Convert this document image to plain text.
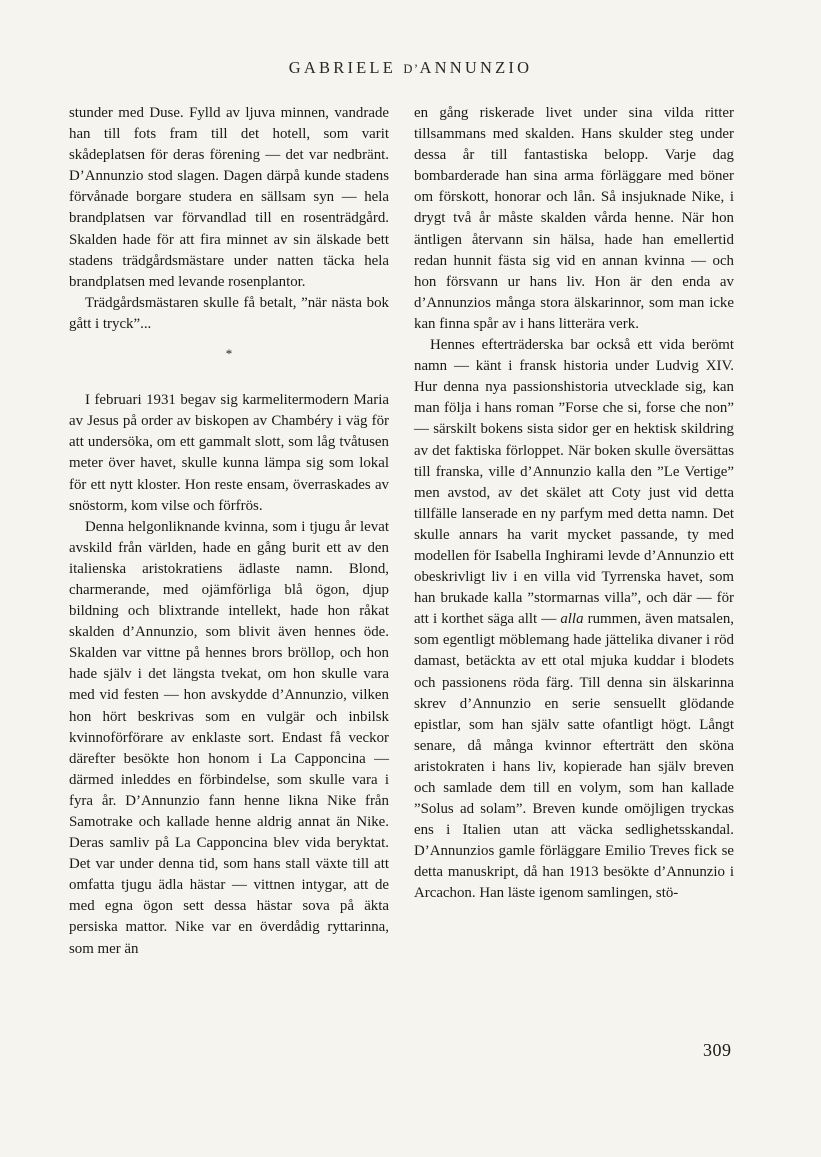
GABRIELE D’ANNUNZIO

stunder med Duse. Fylld av ljuva minnen, vandrade han till fots fram till det hotell, som varit skådeplatsen för deras förening — det var nedbränt. D’Annunzio stod slagen. Dagen därpå kunde stadens förvånade borgare studera en sällsam syn — hela brandplatsen var förvandlad till en rosenträdgård. Skalden hade för att fira minnet av sin älskade bett stadens trädgårdsmästare under natten täcka hela brandplatsen med levande rosenplantor.

Trädgårdsmästaren skulle få betalt, ”när nästa bok gått i tryck”...

*

I februari 1931 begav sig karmelitermodern Maria av Jesus på order av biskopen av Chambéry i väg för att undersöka, om ett gammalt slott, som låg tvåtusen meter över havet, skulle kunna lämpa sig som lokal för ett nytt kloster. Hon reste ensam, överraskades av snöstorm, kom vilse och förfrös.

Denna helgonliknande kvinna, som i tjugu år levat avskild från världen, hade en gång burit ett av den italienska aristokratiens ädlaste namn. Blond, charmerande, med ojämförliga blå ögon, djup bildning och blixtrande intellekt, hade hon råkat skalden d’Annunzio, som blivit även hennes öde. Skalden var vittne på hennes brors bröllop, och hon hade själv i det längsta tvekat, om hon skulle vara med vid festen — hon avskydde d’Annunzio, vilken hon hört beskrivas som en vulgär och inbilsk kvinnoförförare av enklaste sort. Endast få veckor därefter besökte hon honom i La Capponcina — därmed inleddes en förbindelse, som skulle vara i fyra år. D’Annunzio fann henne likna Nike från Samotrake och kallade henne aldrig annat än Nike. Deras samliv på La Capponcina blev vida beryktat. Det var under denna tid, som hans stall växte till att omfatta tjugu ädla hästar — vittnen intygar, att de med egna ögon sett dessa hästar sova på äkta persiska mattor. Nike var en överdådig ryttarinna, som mer än

en gång riskerade livet under sina vilda ritter tillsammans med skalden. Hans skulder steg under dessa år till fantastiska belopp. Varje dag bombarderade han sina arma förläggare med böner om förskott, honorar och lån. Så insjuknade Nike, i drygt två år måste skalden vårda henne. När hon äntligen återvann sin hälsa, hade han emellertid redan hunnit fästa sig vid en annan kvinna — och hon försvann ur hans liv. Hon är den enda av d’Annunzios många stora älskarinnor, som man icke kan finna spår av i hans litterära verk.

Hennes efterträderska bar också ett vida berömt namn — känt i fransk historia under Ludvig XIV. Hur denna nya passionshistoria utvecklade sig, kan man följa i hans roman ”Forse che si, forse che non” — särskilt bokens sista sidor ger en hektisk skildring av det faktiska förloppet. När boken skulle översättas till franska, ville d’Annunzio kalla den ”Le Vertige” men avstod, av det skälet att Coty just vid detta tillfälle lanserade en ny parfym med detta namn. Det skulle annars ha varit mycket passande, ty med modellen för Isabella Inghirami levde d’Annunzio ett obeskrivligt liv i en villa vid Tyrrenska havet, som han brukade kalla ”stormarnas villa”, och där — för att i korthet säga allt — alla rummen, även matsalen, som egentligt möblemang hade jättelika divaner i röd damast, betäckta av ett otal mjuka kuddar i blodets och passionens röda färg. Till denna sin älskarinna skrev d’Annunzio en serie sensuellt glödande epistlar, som han själv satte ofantligt högt. Långt senare, då många kvinnor efterträtt den sköna aristokraten i hans liv, kopierade han själv breven och samlade dem till en volym, som han kallade ”Solus ad solam”. Breven kunde omöjligen tryckas ens i Italien utan att väcka sedlighetsskandal. D’Annunzios gamle förläggare Emilio Treves fick se detta manuskript, då han 1913 besökte d’Annunzio i Arcachon. Han läste igenom samlingen, stö-

309
